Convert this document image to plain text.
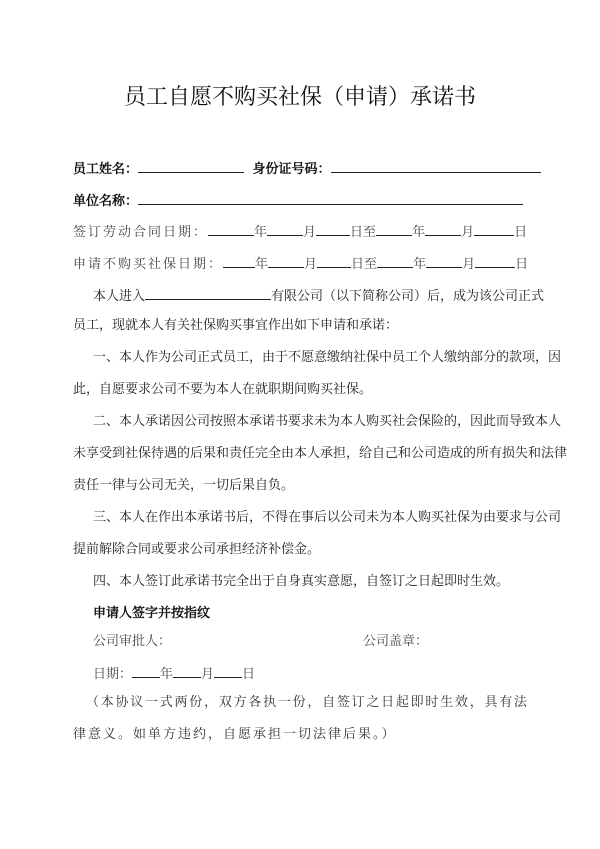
员工自愿不购买社保（申请）承诺书
员工姓名：	身份证号码：
单位名称：
签订劳动合同日期：	年	月	日至	年	月	日
申请不购买社保日期： 年	月	日至	年	月	日
本人进入	有限公司（以下简称公司）后，成为该公司正式
员工，现就本人有关社保购买事宜作出如下申请和承诺：
一、本人作为公司正式员工，由于不愿意缴纳社保中员工个人缴纳部分的款项，因
此，自愿要求公司不要为本人在就职期间购买社保。
二、本人承诺因公司按照本承诺书要求未为本人购买社会保险的，因此而导致本人
未享受到社保待遇的后果和责任完全由本人承担，给自己和公司造成的所有损失和法律
责任一律与公司无关，一切后果自负。
三、本人在作出本承诺书后，不得在事后以公司未为本人购买社保为由要求与公司
提前解除合同或要求公司承担经济补偿金。
四、本人签订此承诺书完全出于自身真实意愿，自签订之日起即时生效。
申请人签字并按指纹
公司审批人：	公司盖章：
日期： 年 月 日
（本协议一式两份，双方各执一份，自签订之日起即时生效，具有法
律意义。如单方违约，自愿承担一切法律后果。）
